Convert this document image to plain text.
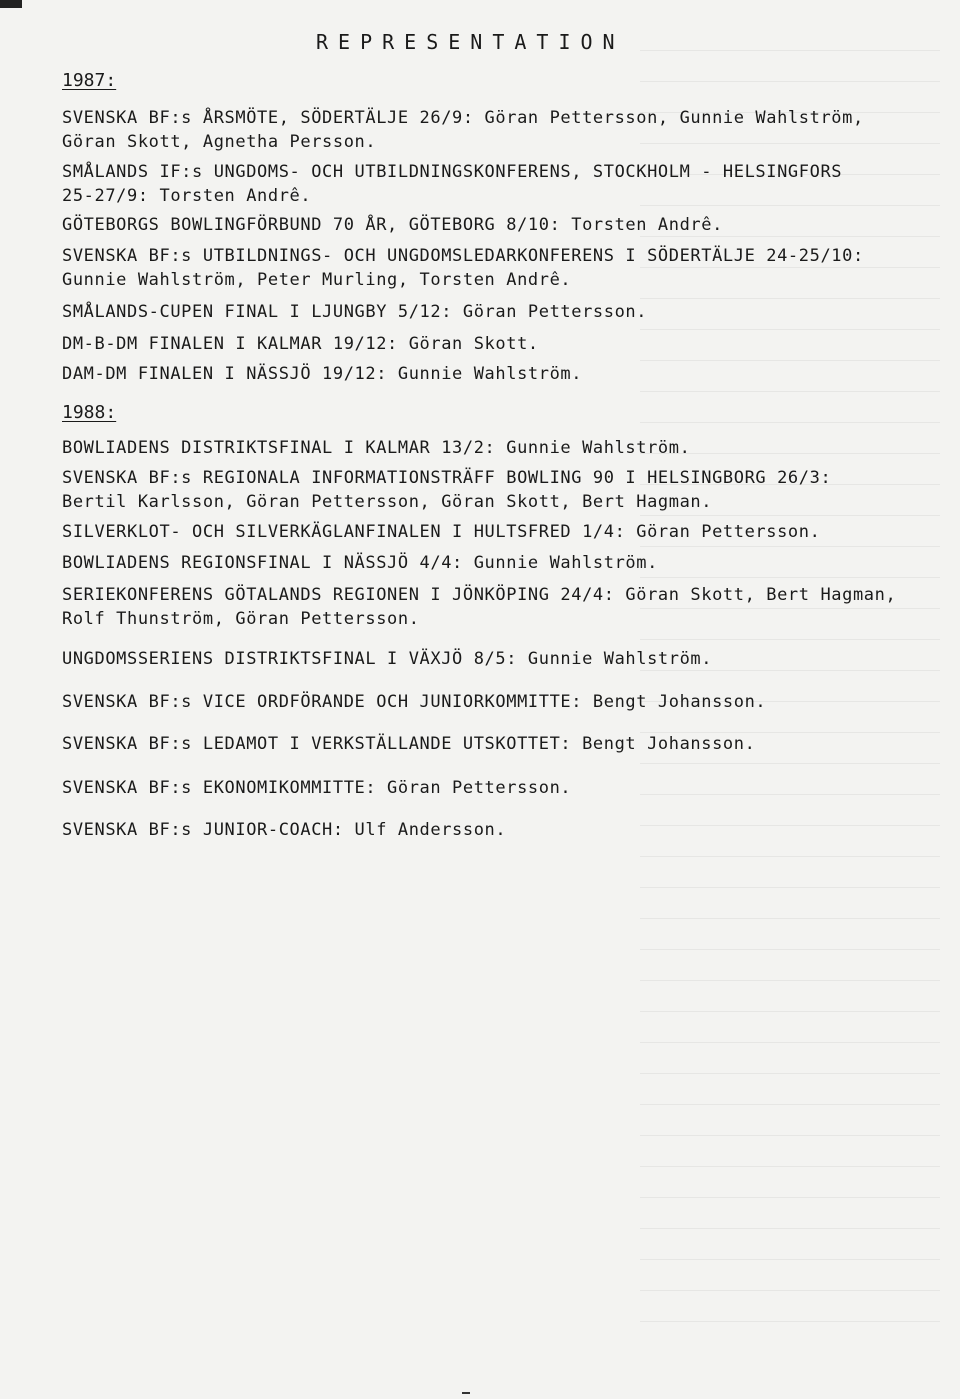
REPRESENTATION
1987:
SVENSKA BF:s ÅRSMÖTE, SÖDERTÄLJE 26/9: Göran Pettersson, Gunnie Wahlström,
Göran Skott, Agnetha Persson.
SMÅLANDS IF:s UNGDOMS- OCH UTBILDNINGSKONFERENS, STOCKHOLM - HELSINGFORS
25-27/9: Torsten Andrê.
GÖTEBORGS BOWLINGFÖRBUND 70 ÅR, GÖTEBORG 8/10: Torsten Andrê.
SVENSKA BF:s UTBILDNINGS- OCH UNGDOMSLEDARKONFERENS I SÖDERTÄLJE 24-25/10:
Gunnie Wahlström, Peter Murling, Torsten Andrê.
SMÅLANDS-CUPEN FINAL I LJUNGBY 5/12: Göran Pettersson.
DM-B-DM FINALEN I KALMAR 19/12: Göran Skott.
DAM-DM FINALEN I NÄSSJÖ 19/12: Gunnie Wahlström.
1988:
BOWLIADENS DISTRIKTSFINAL I KALMAR 13/2: Gunnie Wahlström.
SVENSKA BF:s REGIONALA INFORMATIONSTRÄFF BOWLING 90 I HELSINGBORG 26/3:
Bertil Karlsson, Göran Pettersson, Göran Skott, Bert Hagman.
SILVERKLOT- OCH SILVERKÄGLANFINALEN I HULTSFRED 1/4: Göran Pettersson.
BOWLIADENS REGIONSFINAL I NÄSSJÖ 4/4: Gunnie Wahlström.
SERIEKONFERENS GÖTALANDS REGIONEN I JÖNKÖPING 24/4: Göran Skott, Bert Hagman,
Rolf Thunström, Göran Pettersson.
UNGDOMSSERIENS DISTRIKTSFINAL I VÄXJÖ 8/5: Gunnie Wahlström.
SVENSKA BF:s VICE ORDFÖRANDE OCH JUNIORKOMMITTE: Bengt Johansson.
SVENSKA BF:s LEDAMOT I VERKSTÄLLANDE UTSKOTTET: Bengt Johansson.
SVENSKA BF:s EKONOMIKOMMITTE: Göran Pettersson.
SVENSKA BF:s JUNIOR-COACH: Ulf Andersson.
